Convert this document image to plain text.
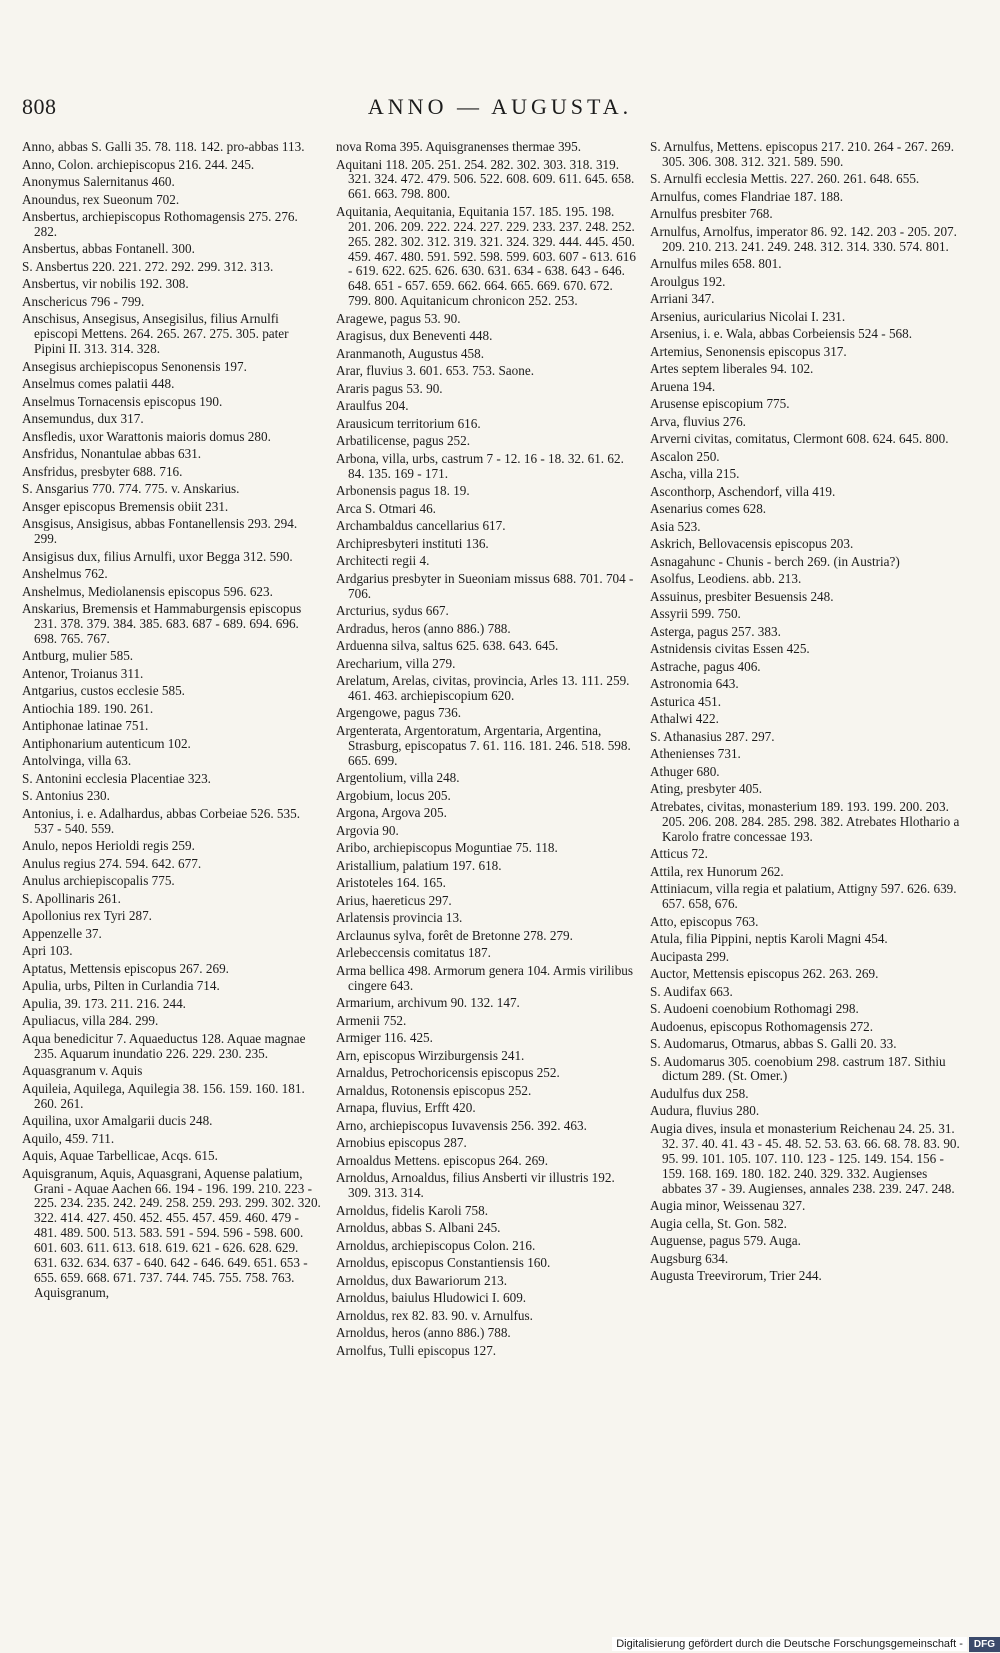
808	ANNO — AUGUSTA.

Anno, abbas S. Galli 35. 78. 118. 142. pro-abbas 113.

Anno, Colon. archiepiscopus 216. 244. 245.

Anonymus Salernitanus 460.

Anoundus, rex Sueonum 702.

Ansbertus, archiepiscopus Rothomagensis 275. 276. 282.

Ansbertus, abbas Fontanell. 300.

S. Ansbertus 220. 221. 272. 292. 299. 312. 313.

Ansbertus, vir nobilis 192. 308.

Anschericus 796 - 799.

Anschisus, Ansegisus, Ansegisilus, filius Arnulfi episcopi Mettens. 264. 265. 267. 275. 305. pater Pipini II. 313. 314. 328.

Ansegisus archiepiscopus Senonensis 197.

Anselmus comes palatii 448.

Anselmus Tornacensis episcopus 190.

Ansemundus, dux 317.

Ansfledis, uxor Warattonis maioris domus 280.

Ansfridus, Nonantulae abbas 631.

Ansfridus, presbyter 688. 716.

S. Ansgarius 770. 774. 775. v. Anskarius.

Ansger episcopus Bremensis obiit 231.

Ansgisus, Ansigisus, abbas Fontanellensis 293. 294. 299.

Ansigisus dux, filius Arnulfi, uxor Begga 312. 590.

Anshelmus 762.

Anshelmus, Mediolanensis episcopus 596. 623.

Anskarius, Bremensis et Hammaburgensis episcopus 231. 378. 379. 384. 385. 683. 687 - 689. 694. 696. 698. 765. 767.

Antburg, mulier 585.

Antenor, Troianus 311.

Antgarius, custos ecclesie 585.

Antiochia 189. 190. 261.

Antiphonae latinae 751.

Antiphonarium autenticum 102.

Antolvinga, villa 63.

S. Antonini ecclesia Placentiae 323.

S. Antonius 230.

Antonius, i. e. Adalhardus, abbas Corbeiae 526. 535. 537 - 540. 559.

Anulo, nepos Herioldi regis 259.

Anulus regius 274. 594. 642. 677.

Anulus archiepiscopalis 775.

S. Apollinaris 261.

Apollonius rex Tyri 287.

Appenzelle 37.

Apri 103.

Aptatus, Mettensis episcopus 267. 269.

Apulia, urbs, Pilten in Curlandia 714.

Apulia, 39. 173. 211. 216. 244.

Apuliacus, villa 284. 299.

Aqua benedicitur 7. Aquaeductus 128. Aquae magnae 235. Aquarum inundatio 226. 229. 230. 235.

Aquasgranum v. Aquis

Aquileia, Aquilega, Aquilegia 38. 156. 159. 160. 181. 260. 261.

Aquilina, uxor Amalgarii ducis 248.

Aquilo, 459. 711.

Aquis, Aquae Tarbellicae, Acqs. 615.

Aquisgranum, Aquis, Aquasgrani, Aquense palatium, Grani - Aquae Aachen 66. 194 - 196. 199. 210. 223 - 225. 234. 235. 242. 249. 258. 259. 293. 299. 302. 320. 322. 414. 427. 450. 452. 455. 457. 459. 460. 479 - 481. 489. 500. 513. 583. 591 - 594. 596 - 598. 600. 601. 603. 611. 613. 618. 619. 621 - 626. 628. 629. 631. 632. 634. 637 - 640. 642 - 646. 649. 651. 653 - 655. 659. 668. 671. 737. 744. 745. 755. 758. 763. Aquisgranum,

nova Roma 395. Aquisgranenses thermae 395.

Aquitani 118. 205. 251. 254. 282. 302. 303. 318. 319. 321. 324. 472. 479. 506. 522. 608. 609. 611. 645. 658. 661. 663. 798. 800.

Aquitania, Aequitania, Equitania 157. 185. 195. 198. 201. 206. 209. 222. 224. 227. 229. 233. 237. 248. 252. 265. 282. 302. 312. 319. 321. 324. 329. 444. 445. 450. 459. 467. 480. 591. 592. 598. 599. 603. 607 - 613. 616 - 619. 622. 625. 626. 630. 631. 634 - 638. 643 - 646. 648. 651 - 657. 659. 662. 664. 665. 669. 670. 672. 799. 800. Aquitanicum chronicon 252. 253.

Aragewe, pagus 53. 90.

Aragisus, dux Beneventi 448.

Aranmanoth, Augustus 458.

Arar, fluvius 3. 601. 653. 753. Saone.

Araris pagus 53. 90.

Araulfus 204.

Arausicum territorium 616.

Arbatilicense, pagus 252.

Arbona, villa, urbs, castrum 7 - 12. 16 - 18. 32. 61. 62. 84. 135. 169 - 171.

Arbonensis pagus 18. 19.

Arca S. Otmari 46.

Archambaldus cancellarius 617.

Archipresbyteri instituti 136.

Architecti regii 4.

Ardgarius presbyter in Sueoniam missus 688. 701. 704 - 706.

Arcturius, sydus 667.

Ardradus, heros (anno 886.) 788.

Arduenna silva, saltus 625. 638. 643. 645.

Arecharium, villa 279.

Arelatum, Arelas, civitas, provincia, Arles 13. 111. 259. 461. 463. archiepiscopium 620.

Argengowe, pagus 736.

Argenterata, Argentoratum, Argentaria, Argentina, Strasburg, episcopatus 7. 61. 116. 181. 246. 518. 598. 665. 699.

Argentolium, villa 248.

Argobium, locus 205.

Argona, Argova 205.

Argovia 90.

Aribo, archiepiscopus Moguntiae 75. 118.

Aristallium, palatium 197. 618.

Aristoteles 164. 165.

Arius, haereticus 297.

Arlatensis provincia 13.

Arclaunus sylva, forêt de Bretonne 278. 279.

Arlebeccensis comitatus 187.

Arma bellica 498. Armorum genera 104. Armis virilibus cingere 643.

Armarium, archivum 90. 132. 147.

Armenii 752.

Armiger 116. 425.

Arn, episcopus Wirziburgensis 241.

Arnaldus, Petrochoricensis episcopus 252.

Arnaldus, Rotonensis episcopus 252.

Arnapa, fluvius, Erfft 420.

Arno, archiepiscopus Iuvavensis 256. 392. 463.

Arnobius episcopus 287.

Arnoaldus Mettens. episcopus 264. 269.

Arnoldus, Arnoaldus, filius Ansberti vir illustris 192. 309. 313. 314.

Arnoldus, fidelis Karoli 758.

Arnoldus, abbas S. Albani 245.

Arnoldus, archiepiscopus Colon. 216.

Arnoldus, episcopus Constantiensis 160.

Arnoldus, dux Bawariorum 213.

Arnoldus, baiulus Hludowici I. 609.

Arnoldus, rex 82. 83. 90. v. Arnulfus.

Arnoldus, heros (anno 886.) 788.

Arnolfus, Tulli episcopus 127.

S. Arnulfus, Mettens. episcopus 217. 210. 264 - 267. 269. 305. 306. 308. 312. 321. 589. 590.

S. Arnulfi ecclesia Mettis. 227. 260. 261. 648. 655.

Arnulfus, comes Flandriae 187. 188.

Arnulfus presbiter 768.

Arnulfus, Arnolfus, imperator 86. 92. 142. 203 - 205. 207. 209. 210. 213. 241. 249. 248. 312. 314. 330. 574. 801.

Arnulfus miles 658. 801.

Aroulgus 192.

Arriani 347.

Arsenius, auricularius Nicolai I. 231.

Arsenius, i. e. Wala, abbas Corbeiensis 524 - 568.

Artemius, Senonensis episcopus 317.

Artes septem liberales 94. 102.

Aruena 194.

Arusense episcopium 775.

Arva, fluvius 276.

Arverni civitas, comitatus, Clermont 608. 624. 645. 800.

Ascalon 250.

Ascha, villa 215.

Asconthorp, Aschendorf, villa 419.

Asenarius comes 628.

Asia 523.

Askrich, Bellovacensis episcopus 203.

Asnagahunc - Chunis - berch 269. (in Austria?)

Asolfus, Leodiens. abb. 213.

Assuinus, presbiter Besuensis 248.

Assyrii 599. 750.

Asterga, pagus 257. 383.

Astnidensis civitas Essen 425.

Astrache, pagus 406.

Astronomia 643.

Asturica 451.

Athalwi 422.

S. Athanasius 287. 297.

Athenienses 731.

Athuger 680.

Ating, presbyter 405.

Atrebates, civitas, monasterium 189. 193. 199. 200. 203. 205. 206. 208. 284. 285. 298. 382. Atrebates Hlothario a Karolo fratre concessae 193.

Atticus 72.

Attila, rex Hunorum 262.

Attiniacum, villa regia et palatium, Attigny 597. 626. 639. 657. 658, 676.

Atto, episcopus 763.

Atula, filia Pippini, neptis Karoli Magni 454.

Aucipasta 299.

Auctor, Mettensis episcopus 262. 263. 269.

S. Audifax 663.

S. Audoeni coenobium Rothomagi 298.

Audoenus, episcopus Rothomagensis 272.

S. Audomarus, Otmarus, abbas S. Galli 20. 33.

S. Audomarus 305. coenobium 298. castrum 187. Sithiu dictum 289. (St. Omer.)

Audulfus dux 258.

Audura, fluvius 280.

Augia dives, insula et monasterium Reichenau 24. 25. 31. 32. 37. 40. 41. 43 - 45. 48. 52. 53. 63. 66. 68. 78. 83. 90. 95. 99. 101. 105. 107. 110. 123 - 125. 149. 154. 156 - 159. 168. 169. 180. 182. 240. 329. 332. Augienses abbates 37 - 39. Augienses, annales 238. 239. 247. 248.

Augia minor, Weissenau 327.

Augia cella, St. Gon. 582.

Auguense, pagus 579. Auga.

Augsburg 634.

Augusta Treevirorum, Trier 244.

Digitalisierung gefördert durch die Deutsche Forschungsgemeinschaft -	DFG
